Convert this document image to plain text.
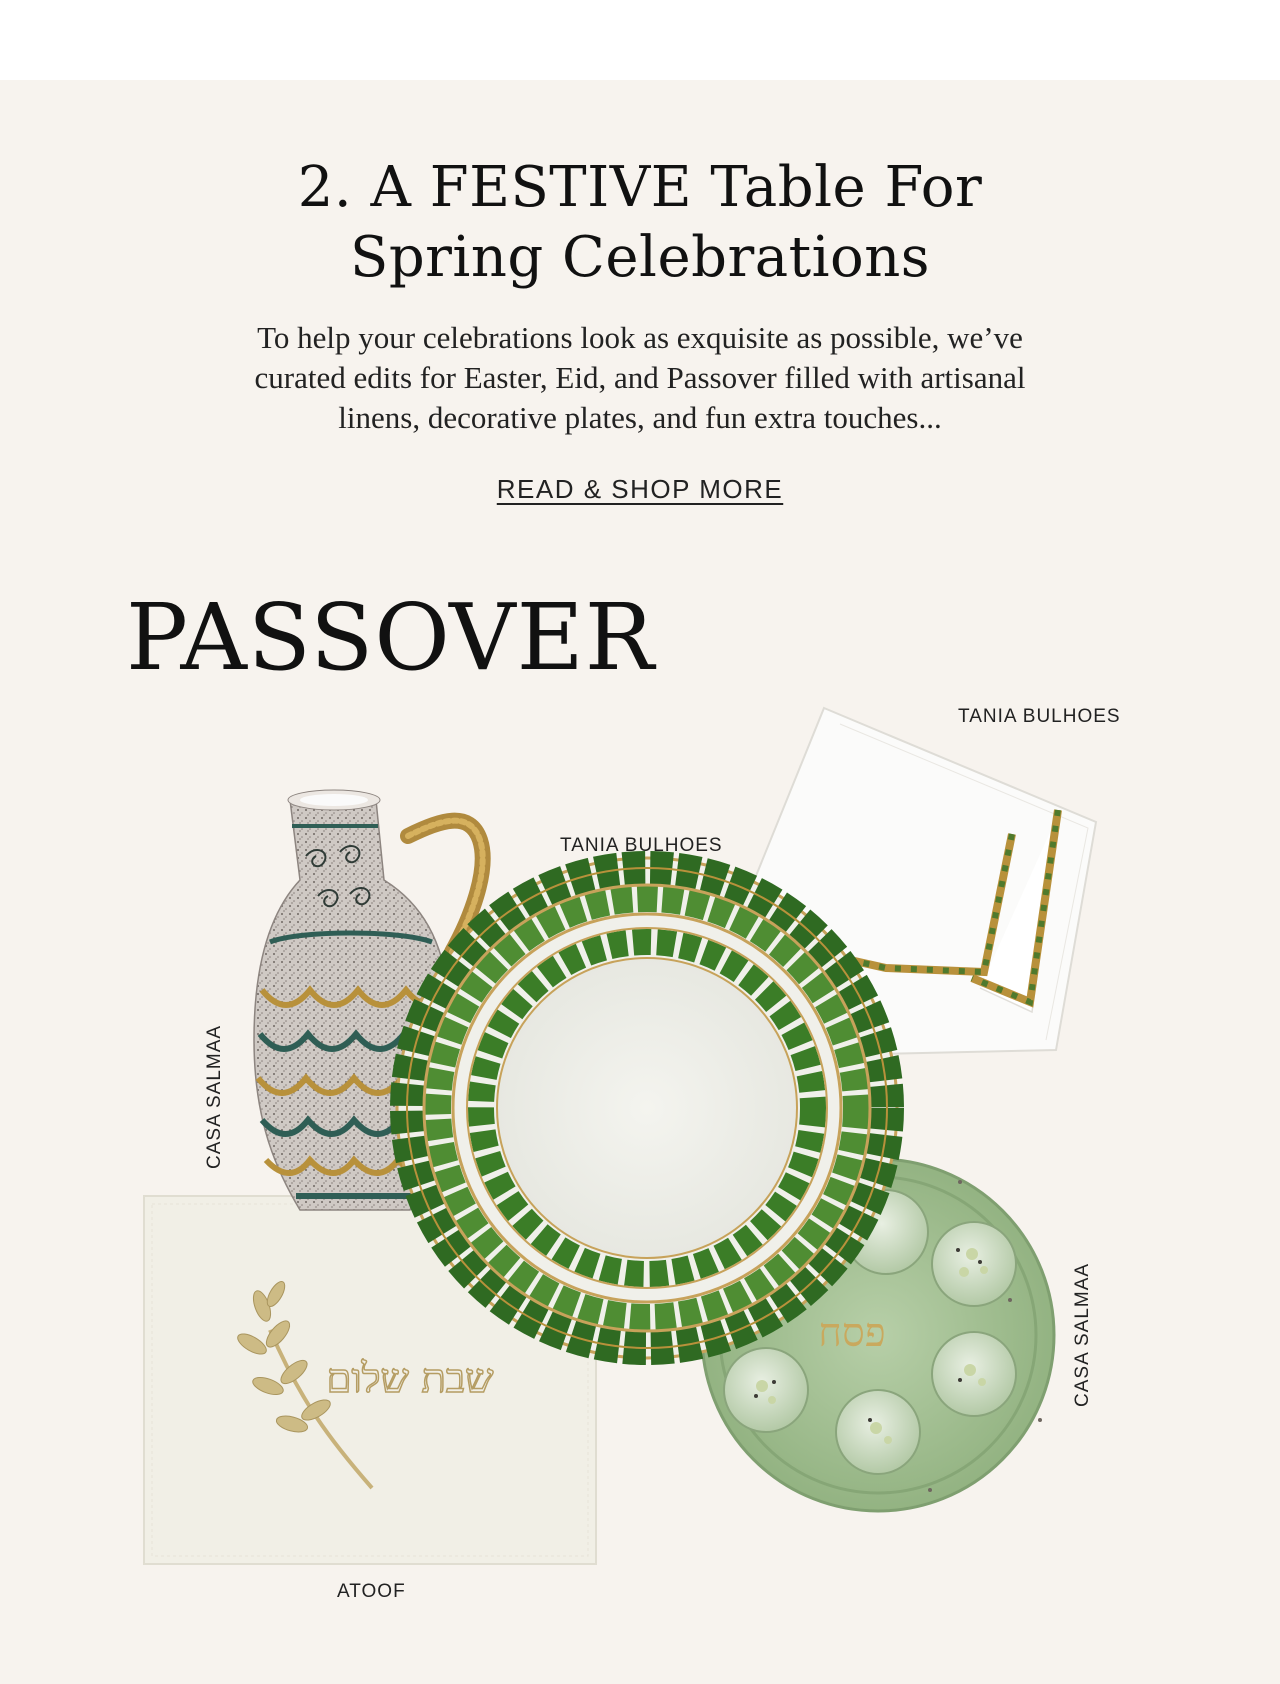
2. A FESTIVE Table For
Spring Celebrations
To help your celebrations look as exquisite as possible, we’ve
curated edits for Easter, Eid, and Passover filled with artisanal
linens, decorative plates, and fun extra touches...
READ & SHOP MORE
PASSOVER
שבת שלום
פסח
TANIA BULHOES
TANIA BULHOES
CASA SALMAA
CASA SALMAA
ATOOF
